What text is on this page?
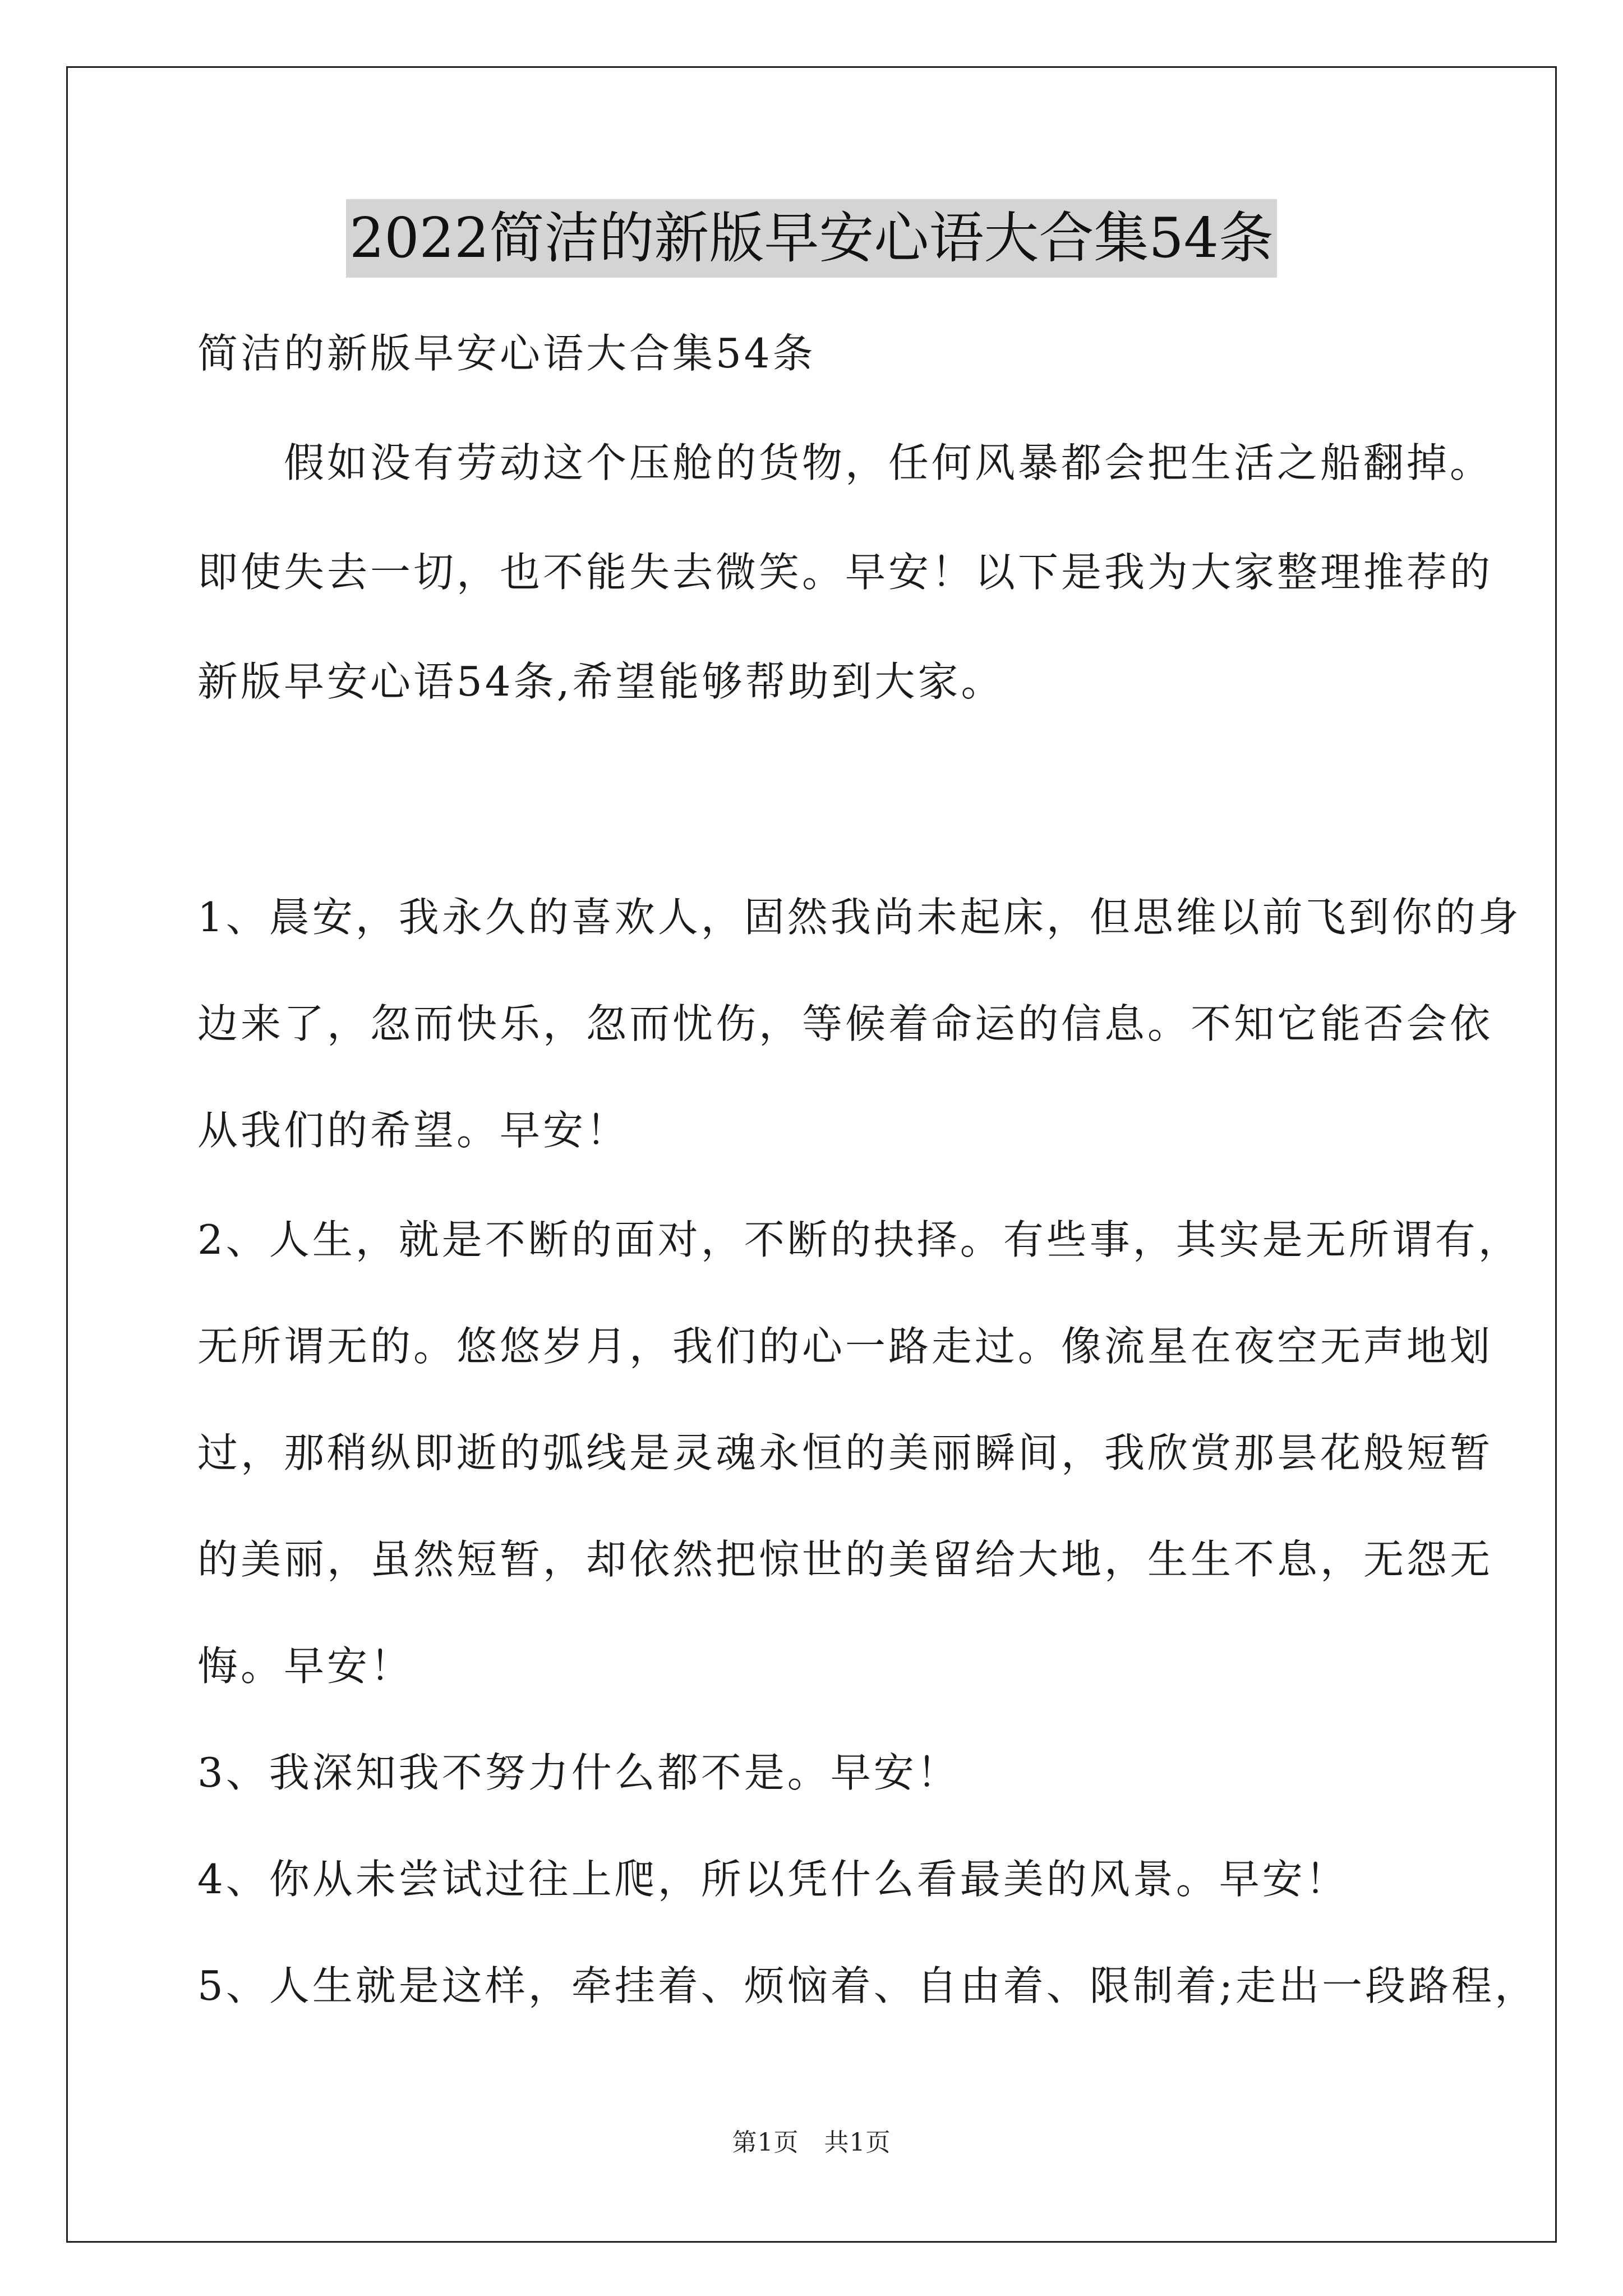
2022简洁的新版早安心语大合集54条
简洁的新版早安心语大合集54条
　　假如没有劳动这个压舱的货物，任何风暴都会把生活之船翻掉。
即使失去一切，也不能失去微笑。早安！以下是我为大家整理推荐的
新版早安心语54条,希望能够帮助到大家。
1、晨安，我永久的喜欢人，固然我尚未起床，但思维以前飞到你的身
边来了，忽而快乐，忽而忧伤，等候着命运的信息。不知它能否会依
从我们的希望。早安！
2、人生，就是不断的面对，不断的抉择。有些事，其实是无所谓有，
无所谓无的。悠悠岁月，我们的心一路走过。像流星在夜空无声地划
过，那稍纵即逝的弧线是灵魂永恒的美丽瞬间，我欣赏那昙花般短暂
的美丽，虽然短暂，却依然把惊世的美留给大地，生生不息，无怨无
悔。早安！
3、我深知我不努力什么都不是。早安！
4、你从未尝试过往上爬，所以凭什么看最美的风景。早安！
5、人生就是这样，牵挂着、烦恼着、自由着、限制着;走出一段路程，
第1页　共1页
